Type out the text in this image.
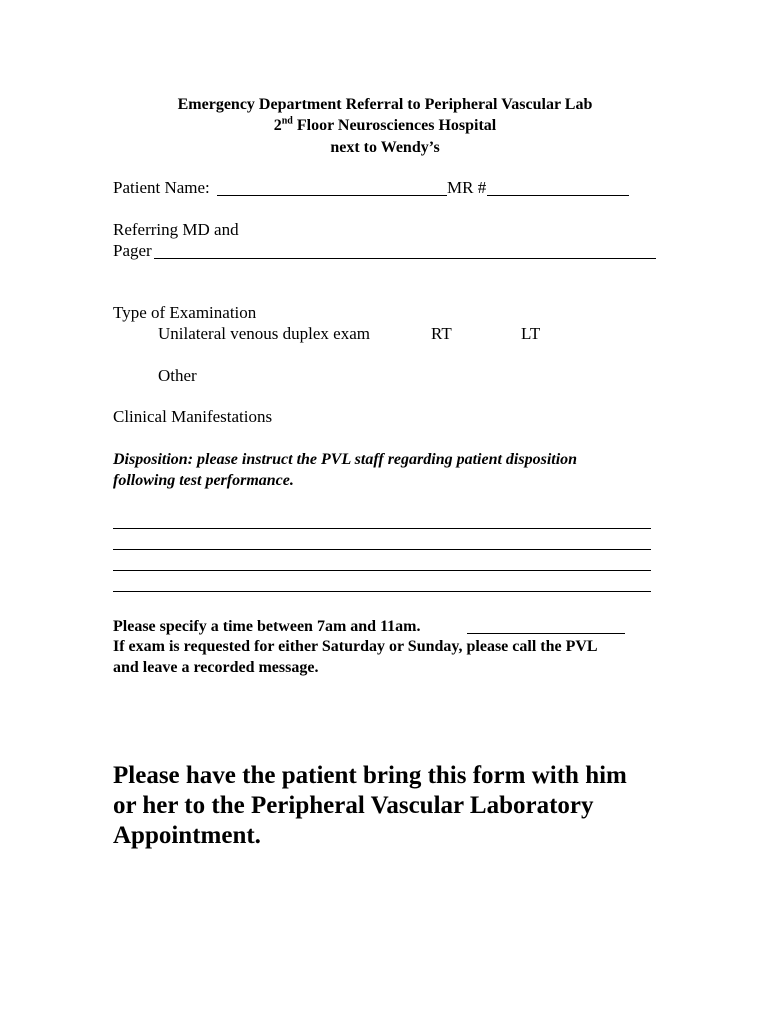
Emergency Department Referral to Peripheral Vascular Lab
2nd Floor Neurosciences Hospital
next to Wendy’s
Patient Name:	MR #
Referring MD and
Pager
Type of Examination
Unilateral venous duplex exam	RT	LT
Other
Clinical Manifestations
Disposition: please instruct the PVL staff regarding patient disposition
following test performance.
Please specify a time between 7am and 11am.
If exam is requested for either Saturday or Sunday, please call the PVL
and leave a recorded message.
Please have the patient bring this form with him
or her to the Peripheral Vascular Laboratory
Appointment.
